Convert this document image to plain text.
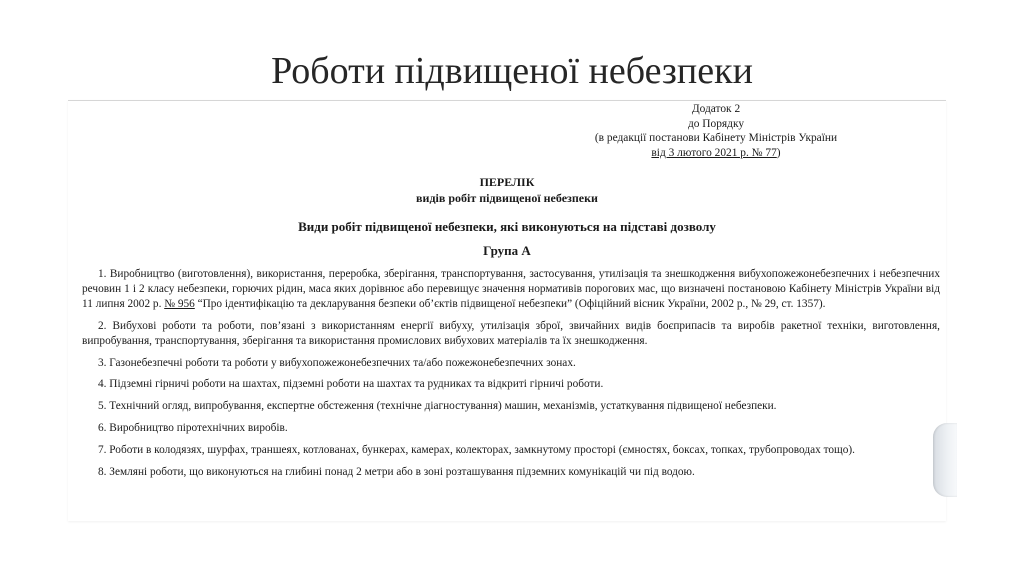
Роботи підвищеної небезпеки
Додаток 2
до Порядку
(в редакції постанови Кабінету Міністрів України
від 3 лютого 2021 р. № 77)
ПЕРЕЛІК
видів робіт підвищеної небезпеки
Види робіт підвищеної небезпеки, які виконуються на підставі дозволу
Група А

1. Виробництво (виготовлення), використання, переробка, зберігання, транспортування, застосування, утилізація та знешкодження вибухопожежонебезпечних і небезпечних речовин 1 і 2 класу небезпеки, горючих рідин, маса яких дорівнює або перевищує значення нормативів порогових мас, що визначені постановою Кабінету Міністрів України від 11 липня 2002 р. № 956 “Про ідентифікацію та декларування безпеки об’єктів підвищеної небезпеки” (Офіційний вісник України, 2002 р., № 29, ст. 1357).

2. Вибухові роботи та роботи, пов’язані з використанням енергії вибуху, утилізація зброї, звичайних видів боєприпасів та виробів ракетної техніки, виготовлення, випробування, транспортування, зберігання та використання промислових вибухових матеріалів та їх знешкодження.

3. Газонебезпечні роботи та роботи у вибухопожежонебезпечних та/або пожежонебезпечних зонах.

4. Підземні гірничі роботи на шахтах, підземні роботи на шахтах та рудниках та відкриті гірничі роботи.

5. Технічний огляд, випробування, експертне обстеження (технічне діагностування) машин, механізмів, устаткування підвищеної небезпеки.

6. Виробництво піротехнічних виробів.

7. Роботи в колодязях, шурфах, траншеях, котлованах, бункерах, камерах, колекторах, замкнутому просторі (ємностях, боксах, топках, трубопроводах тощо).

8. Земляні роботи, що виконуються на глибині понад 2 метри або в зоні розташування підземних комунікацій чи під водою.
